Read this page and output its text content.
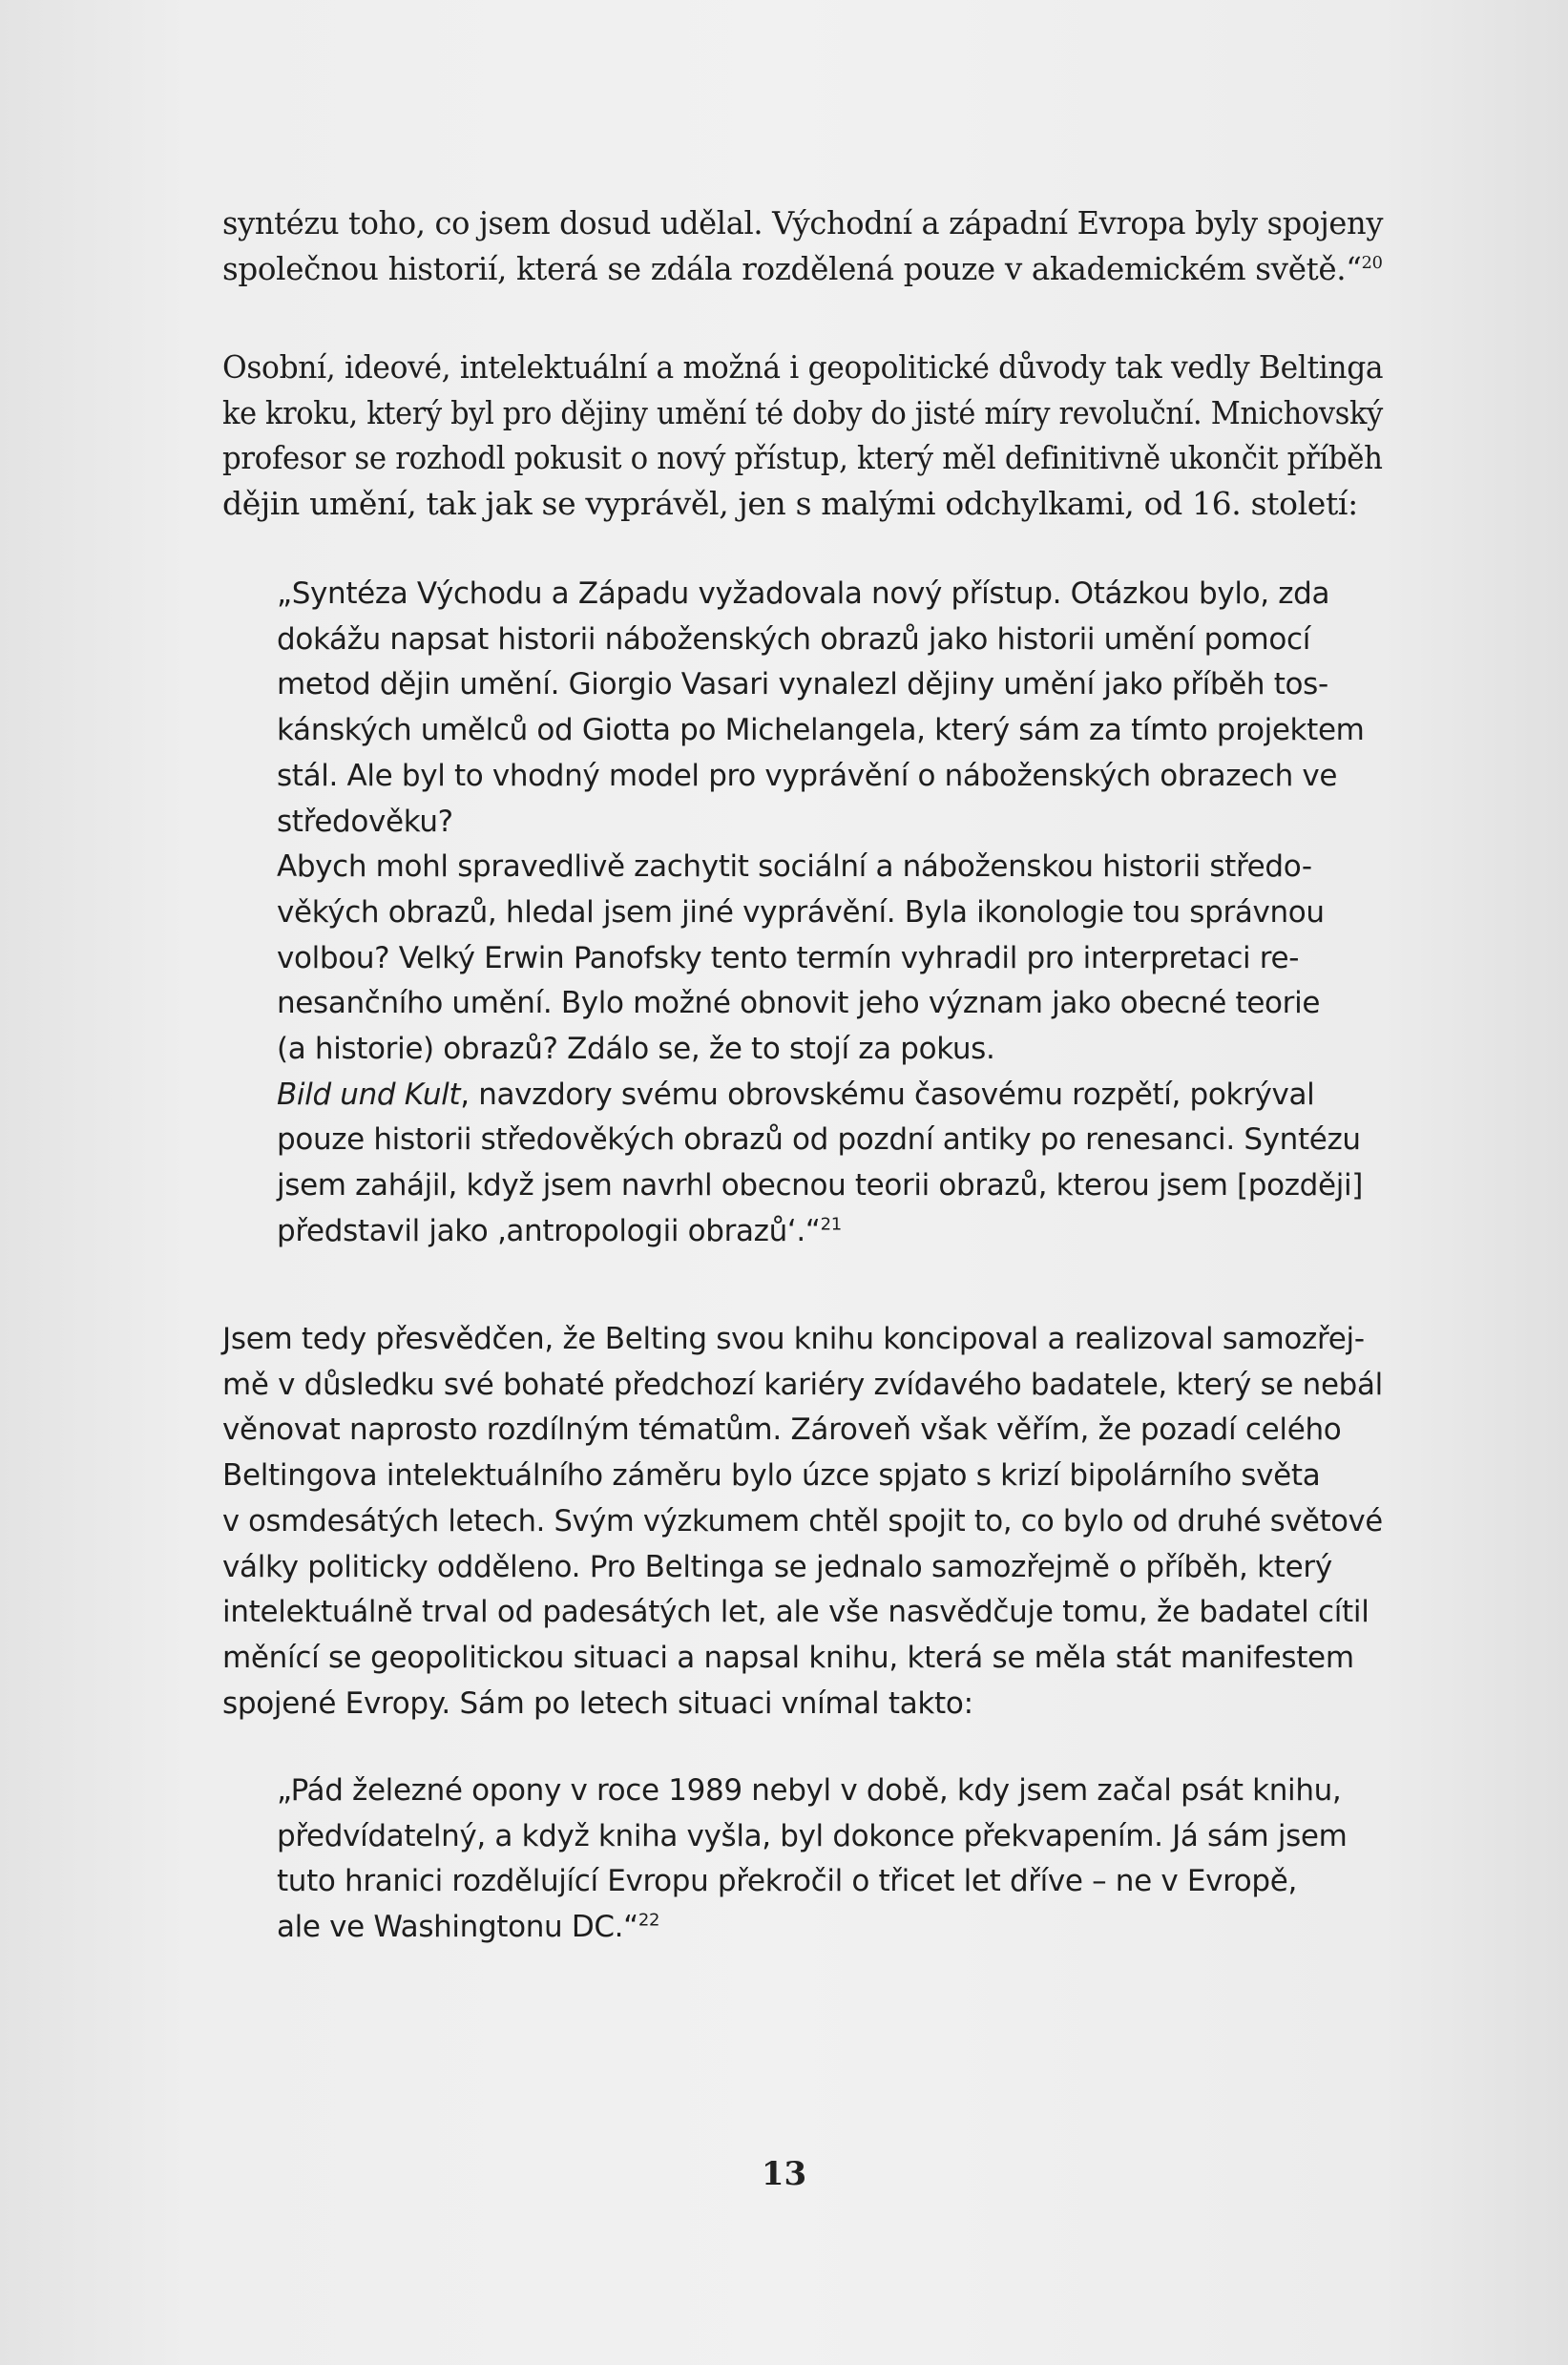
syntézu toho, co jsem dosud udělal. Východní a západní Evropa byly spojeny
společnou historií, která se zdála rozdělená pouze v akademickém světě.“$^{20}$
Osobní, ideové, intelektuální a možná i geopolitické důvody tak vedly Beltinga
ke kroku, který byl pro dějiny umění té doby do jisté míry revoluční. Mnichovský
profesor se rozhodl pokusit o nový přístup, který měl definitivně ukončit příběh
dějin umění, tak jak se vyprávěl, jen s malými odchylkami, od 16. století:
„Syntéza Východu a Západu vyžadovala nový přístup. Otázkou bylo, zda
dokážu napsat historii náboženských obrazů jako historii umění pomocí
metod dějin umění. Giorgio Vasari vynalezl dějiny umění jako příběh tos-
kánských umělců od Giotta po Michelangela, který sám za tímto projektem
stál. Ale byl to vhodný model pro vyprávění o náboženských obrazech ve
středověku?
Abych mohl spravedlivě zachytit sociální a náboženskou historii středo-
věkých obrazů, hledal jsem jiné vyprávění. Byla ikonologie tou správnou
volbou? Velký Erwin Panofsky tento termín vyhradil pro interpretaci re-
nesančního umění. Bylo možné obnovit jeho význam jako obecné teorie
(a historie) obrazů? Zdálo se, že to stojí za pokus.
Bild und Kult, navzdory svému obrovskému časovému rozpětí, pokrýval
pouze historii středověkých obrazů od pozdní antiky po renesanci. Syntézu
jsem zahájil, když jsem navrhl obecnou teorii obrazů, kterou jsem [později]
představil jako ‚antropologii obrazů‘.“$^{21}$
Jsem tedy přesvědčen, že Belting svou knihu koncipoval a realizoval samozřej-
mě v důsledku své bohaté předchozí kariéry zvídavého badatele, který se nebál
věnovat naprosto rozdílným tématům. Zároveň však věřím, že pozadí celého
Beltingova intelektuálního záměru bylo úzce spjato s krizí bipolárního světa
v osmdesátých letech. Svým výzkumem chtěl spojit to, co bylo od druhé světové
války politicky odděleno. Pro Beltinga se jednalo samozřejmě o příběh, který
intelektuálně trval od padesátých let, ale vše nasvědčuje tomu, že badatel cítil
měnící se geopolitickou situaci a napsal knihu, která se měla stát manifestem
spojené Evropy. Sám po letech situaci vnímal takto:
„Pád železné opony v roce 1989 nebyl v době, kdy jsem začal psát knihu,
předvídatelný, a když kniha vyšla, byl dokonce překvapením. Já sám jsem
tuto hranici rozdělující Evropu překročil o třicet let dříve – ne v Evropě,
ale ve Washingtonu DC.“$^{22}$
13
